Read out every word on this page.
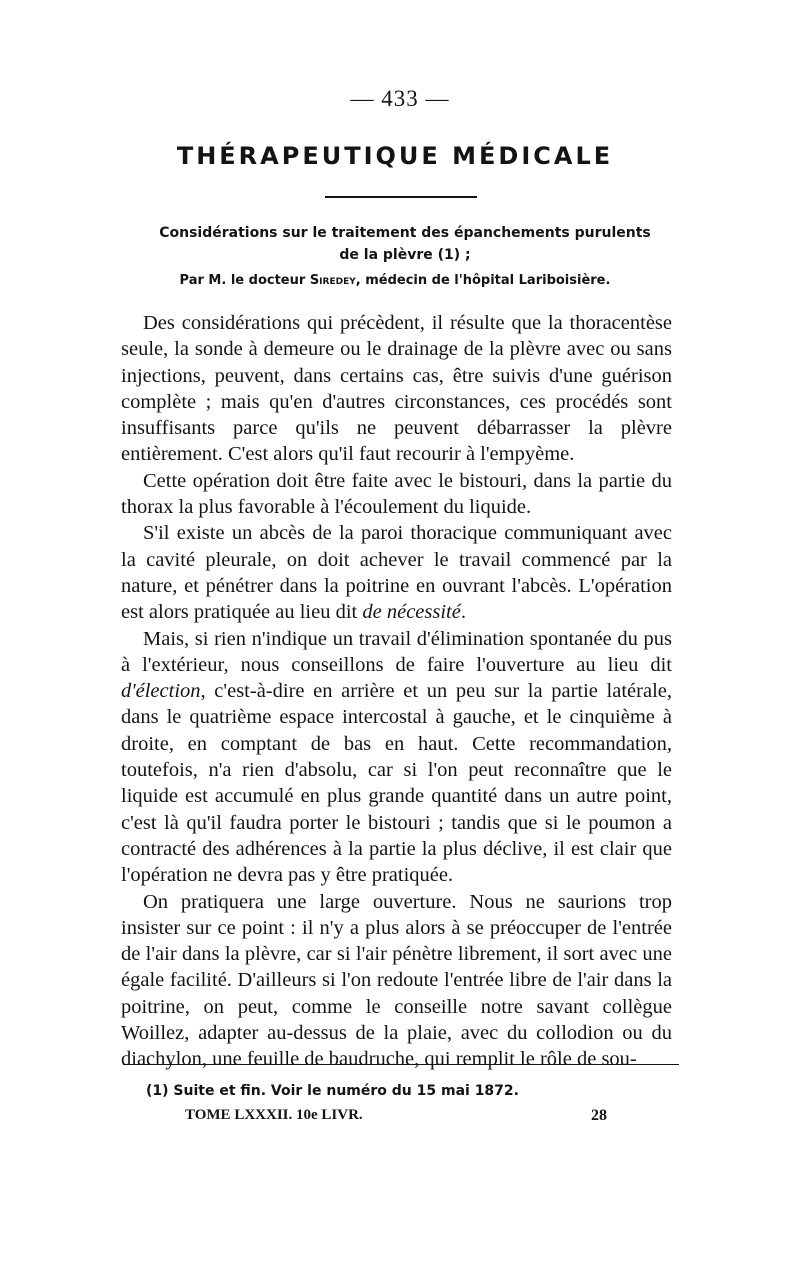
— 433 —
THÉRAPEUTIQUE MÉDICALE
Considérations sur le traitement des épanchements purulents
de la plèvre (1) ;
Par M. le docteur Siredey, médecin de l'hôpital Lariboisière.

Des considérations qui précèdent, il résulte que la thoracentèse seule, la sonde à demeure ou le drainage de la plèvre avec ou sans injections, peuvent, dans certains cas, être suivis d'une guérison complète ; mais qu'en d'autres circonstances, ces procédés sont insuffisants parce qu'ils ne peuvent débarrasser la plèvre entièrement. C'est alors qu'il faut recourir à l'empyème.

Cette opération doit être faite avec le bistouri, dans la partie du thorax la plus favorable à l'écoulement du liquide.

S'il existe un abcès de la paroi thoracique communiquant avec la cavité pleurale, on doit achever le travail commencé par la nature, et pénétrer dans la poitrine en ouvrant l'abcès. L'opération est alors pratiquée au lieu dit de nécessité.

Mais, si rien n'indique un travail d'élimination spontanée du pus à l'extérieur, nous conseillons de faire l'ouverture au lieu dit d'élection, c'est-à-dire en arrière et un peu sur la partie latérale, dans le quatrième espace intercostal à gauche, et le cinquième à droite, en comptant de bas en haut. Cette recommandation, toutefois, n'a rien d'absolu, car si l'on peut reconnaître que le liquide est accumulé en plus grande quantité dans un autre point, c'est là qu'il faudra porter le bistouri ; tandis que si le poumon a contracté des adhérences à la partie la plus déclive, il est clair que l'opération ne devra pas y être pratiquée.

On pratiquera une large ouverture. Nous ne saurions trop insister sur ce point : il n'y a plus alors à se préoccuper de l'entrée de l'air dans la plèvre, car si l'air pénètre librement, il sort avec une égale facilité. D'ailleurs si l'on redoute l'entrée libre de l'air dans la poitrine, on peut, comme le conseille notre savant collègue Woillez, adapter au-dessus de la plaie, avec du collodion ou du diachylon, une feuille de baudruche, qui remplit le rôle de sou-

(1) Suite et fin. Voir le numéro du 15 mai 1872.
TOME LXXXII. 10e LIVR.	28
